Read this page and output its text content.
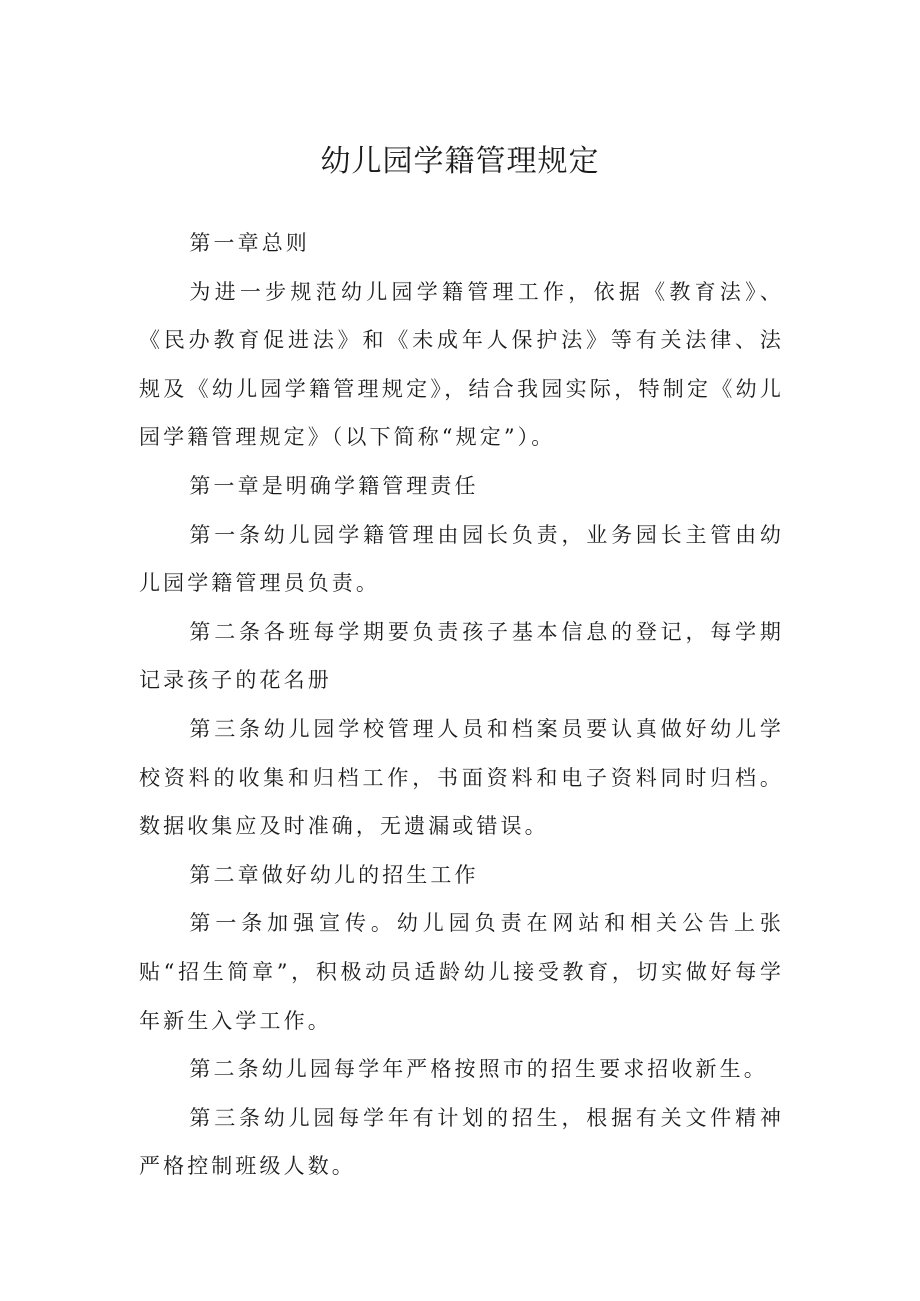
幼儿园学籍管理规定

第一章总则

为进一步规范幼儿园学籍管理工作，依据《教育法》、《民办教育促进法》和《未成年人保护法》等有关法律、法规及《幼儿园学籍管理规定》，结合我园实际，特制定《幼儿园学籍管理规定》（以下简称“规定”）。

第一章是明确学籍管理责任

第一条幼儿园学籍管理由园长负责，业务园长主管由幼儿园学籍管理员负责。

第二条各班每学期要负责孩子基本信息的登记，每学期记录孩子的花名册

第三条幼儿园学校管理人员和档案员要认真做好幼儿学校资料的收集和归档工作，书面资料和电子资料同时归档。数据收集应及时准确，无遗漏或错误。

第二章做好幼儿的招生工作

第一条加强宣传。幼儿园负责在网站和相关公告上张贴“招生简章”，积极动员适龄幼儿接受教育，切实做好每学年新生入学工作。

第二条幼儿园每学年严格按照市的招生要求招收新生。

第三条幼儿园每学年有计划的招生，根据有关文件精神严格控制班级人数。
